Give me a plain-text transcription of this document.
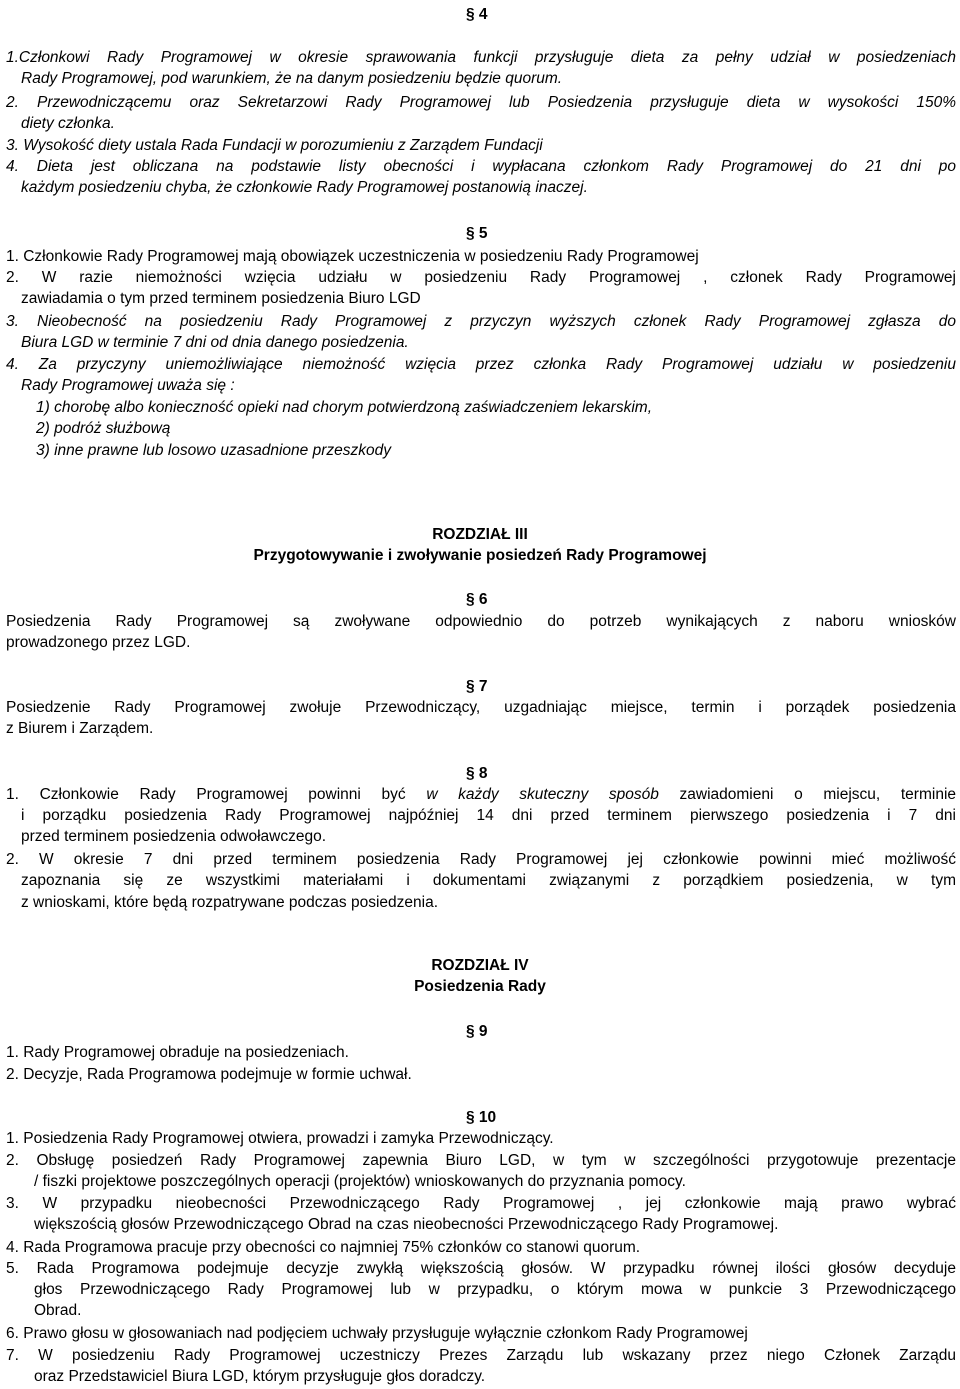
§ 4
1.Członkowi Rady Programowej w okresie sprawowania funkcji przysługuje dieta za pełny udział w posiedzeniach
Rady Programowej, pod warunkiem, że na danym posiedzeniu będzie quorum.
2. Przewodniczącemu oraz Sekretarzowi Rady Programowej lub Posiedzenia przysługuje dieta w wysokości 150%
diety członka.
3. Wysokość diety ustala Rada Fundacji w porozumieniu z Zarządem Fundacji
4. Dieta jest obliczana na podstawie listy obecności i wypłacana członkom Rady Programowej do 21 dni po
każdym posiedzeniu chyba, że członkowie Rady Programowej postanowią inaczej.
§ 5
1. Członkowie Rady Programowej mają obowiązek uczestniczenia w posiedzeniu Rady Programowej
2. W razie niemożności wzięcia udziału w posiedzeniu Rady Programowej , członek Rady Programowej
zawiadamia o tym przed terminem posiedzenia Biuro LGD
3. Nieobecność na posiedzeniu Rady Programowej z przyczyn wyższych członek Rady Programowej zgłasza do
Biura LGD w terminie 7 dni od dnia danego posiedzenia.
4. Za przyczyny uniemożliwiające niemożność wzięcia przez członka Rady Programowej udziału w posiedzeniu
Rady Programowej uważa się :
1) chorobę albo konieczność opieki nad chorym potwierdzoną zaświadczeniem lekarskim,
2) podróż służbową
3) inne prawne lub losowo uzasadnione przeszkody
ROZDZIAŁ III
Przygotowywanie i zwoływanie posiedzeń Rady Programowej
§ 6
Posiedzenia Rady Programowej są zwoływane odpowiednio do potrzeb wynikających z naboru wniosków
prowadzonego przez LGD.
§ 7
Posiedzenie Rady Programowej zwołuje Przewodniczący, uzgadniając miejsce, termin i porządek posiedzenia
z Biurem i Zarządem.
§ 8
1. Członkowie Rady Programowej powinni być w każdy skuteczny sposób zawiadomieni o miejscu, terminie
i porządku posiedzenia Rady Programowej najpóźniej 14 dni przed terminem pierwszego posiedzenia i 7 dni
przed terminem posiedzenia odwoławczego.
2. W okresie 7 dni przed terminem posiedzenia Rady Programowej jej członkowie powinni mieć możliwość
zapoznania się ze wszystkimi materiałami i dokumentami związanymi z porządkiem posiedzenia, w tym
z wnioskami, które będą rozpatrywane podczas posiedzenia.
ROZDZIAŁ IV
Posiedzenia Rady
§ 9
1. Rady Programowej obraduje na posiedzeniach.
2. Decyzje, Rada Programowa podejmuje w formie uchwał.
§ 10
1. Posiedzenia Rady Programowej otwiera, prowadzi i zamyka Przewodniczący.
2. Obsługę posiedzeń Rady Programowej zapewnia Biuro LGD, w tym w szczególności przygotowuje prezentacje
/ fiszki projektowe poszczególnych operacji (projektów) wnioskowanych do przyznania pomocy.
3. W przypadku nieobecności Przewodniczącego Rady Programowej , jej członkowie mają prawo wybrać
większością głosów Przewodniczącego Obrad na czas nieobecności Przewodniczącego Rady Programowej.
4. Rada Programowa pracuje przy obecności co najmniej 75% członków co stanowi quorum.
5. Rada Programowa podejmuje decyzje zwykłą większością głosów. W przypadku równej ilości głosów decyduje
głos Przewodniczącego Rady Programowej lub w przypadku, o którym mowa w punkcie 3 Przewodniczącego
Obrad.
6. Prawo głosu w głosowaniach nad podjęciem uchwały przysługuje wyłącznie członkom Rady Programowej
7. W posiedzeniu Rady Programowej uczestniczy Prezes Zarządu lub wskazany przez niego Członek Zarządu
oraz Przedstawiciel Biura LGD, którym przysługuje głos doradczy.
